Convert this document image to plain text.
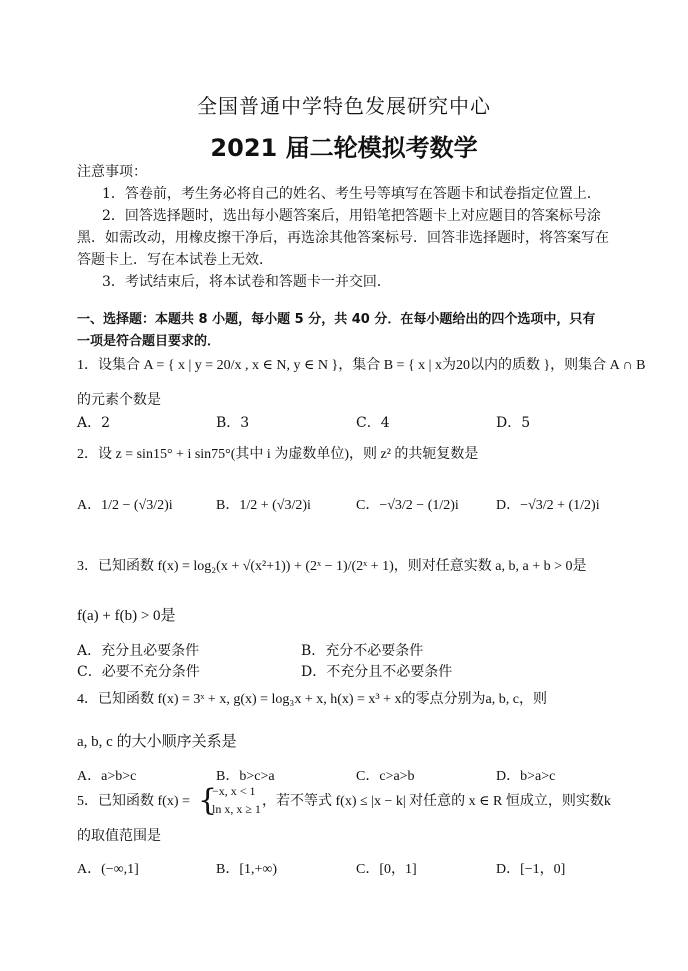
全国普通中学特色发展研究中心
2021 届二轮模拟考数学
注意事项：
1．答卷前，考生务必将自己的姓名、考生号等填写在答题卡和试卷指定位置上．
2．回答选择题时，选出每小题答案后，用铅笔把答题卡上对应题目的答案标号涂
黑．如需改动，用橡皮擦干净后，再选涂其他答案标号．回答非选择题时，将答案写在
答题卡上．写在本试卷上无效．
3．考试结束后，将本试卷和答题卡一并交回．
一、选择题：本题共 8 小题，每小题 5 分，共 40 分．在每小题给出的四个选项中，只有
一项是符合题目要求的．
1．设集合 A = { x | y = 20/x , x ∈ N, y ∈ N }，集合 B = { x | x为20以内的质数 }，则集合 A ∩ B
的元素个数是
A．2	B．3	C．4	D．5
2．设 z = sin15° + i sin75°(其中 i 为虚数单位)，则 z² 的共轭复数是
A．1/2 − (√3/2)i	B．1/2 + (√3/2)i	C．−√3/2 − (1/2)i	D．−√3/2 + (1/2)i
3．已知函数 f(x) = log₂(x + √(x²+1)) + (2ˣ − 1)/(2ˣ + 1)，则对任意实数 a, b, a + b > 0是
f(a) + f(b) > 0是
A．充分且必要条件	B．充分不必要条件
C．必要不充分条件	D．不充分且不必要条件
4．已知函数 f(x) = 3ˣ + x, g(x) = log₃x + x, h(x) = x³ + x的零点分别为a, b, c，则
a, b, c 的大小顺序关系是
A．a>b>c	B．b>c>a	C．c>a>b	D．b>a>c
5．已知函数 f(x) = {
−x, x < 1
ln x, x ≥ 1 ，若不等式 f(x) ≤ |x − k| 对任意的 x ∈ R 恒成立，则实数k
的取值范围是
A．(−∞,1]	B．[1,+∞)	C．[0，1]	D．[−1，0]
